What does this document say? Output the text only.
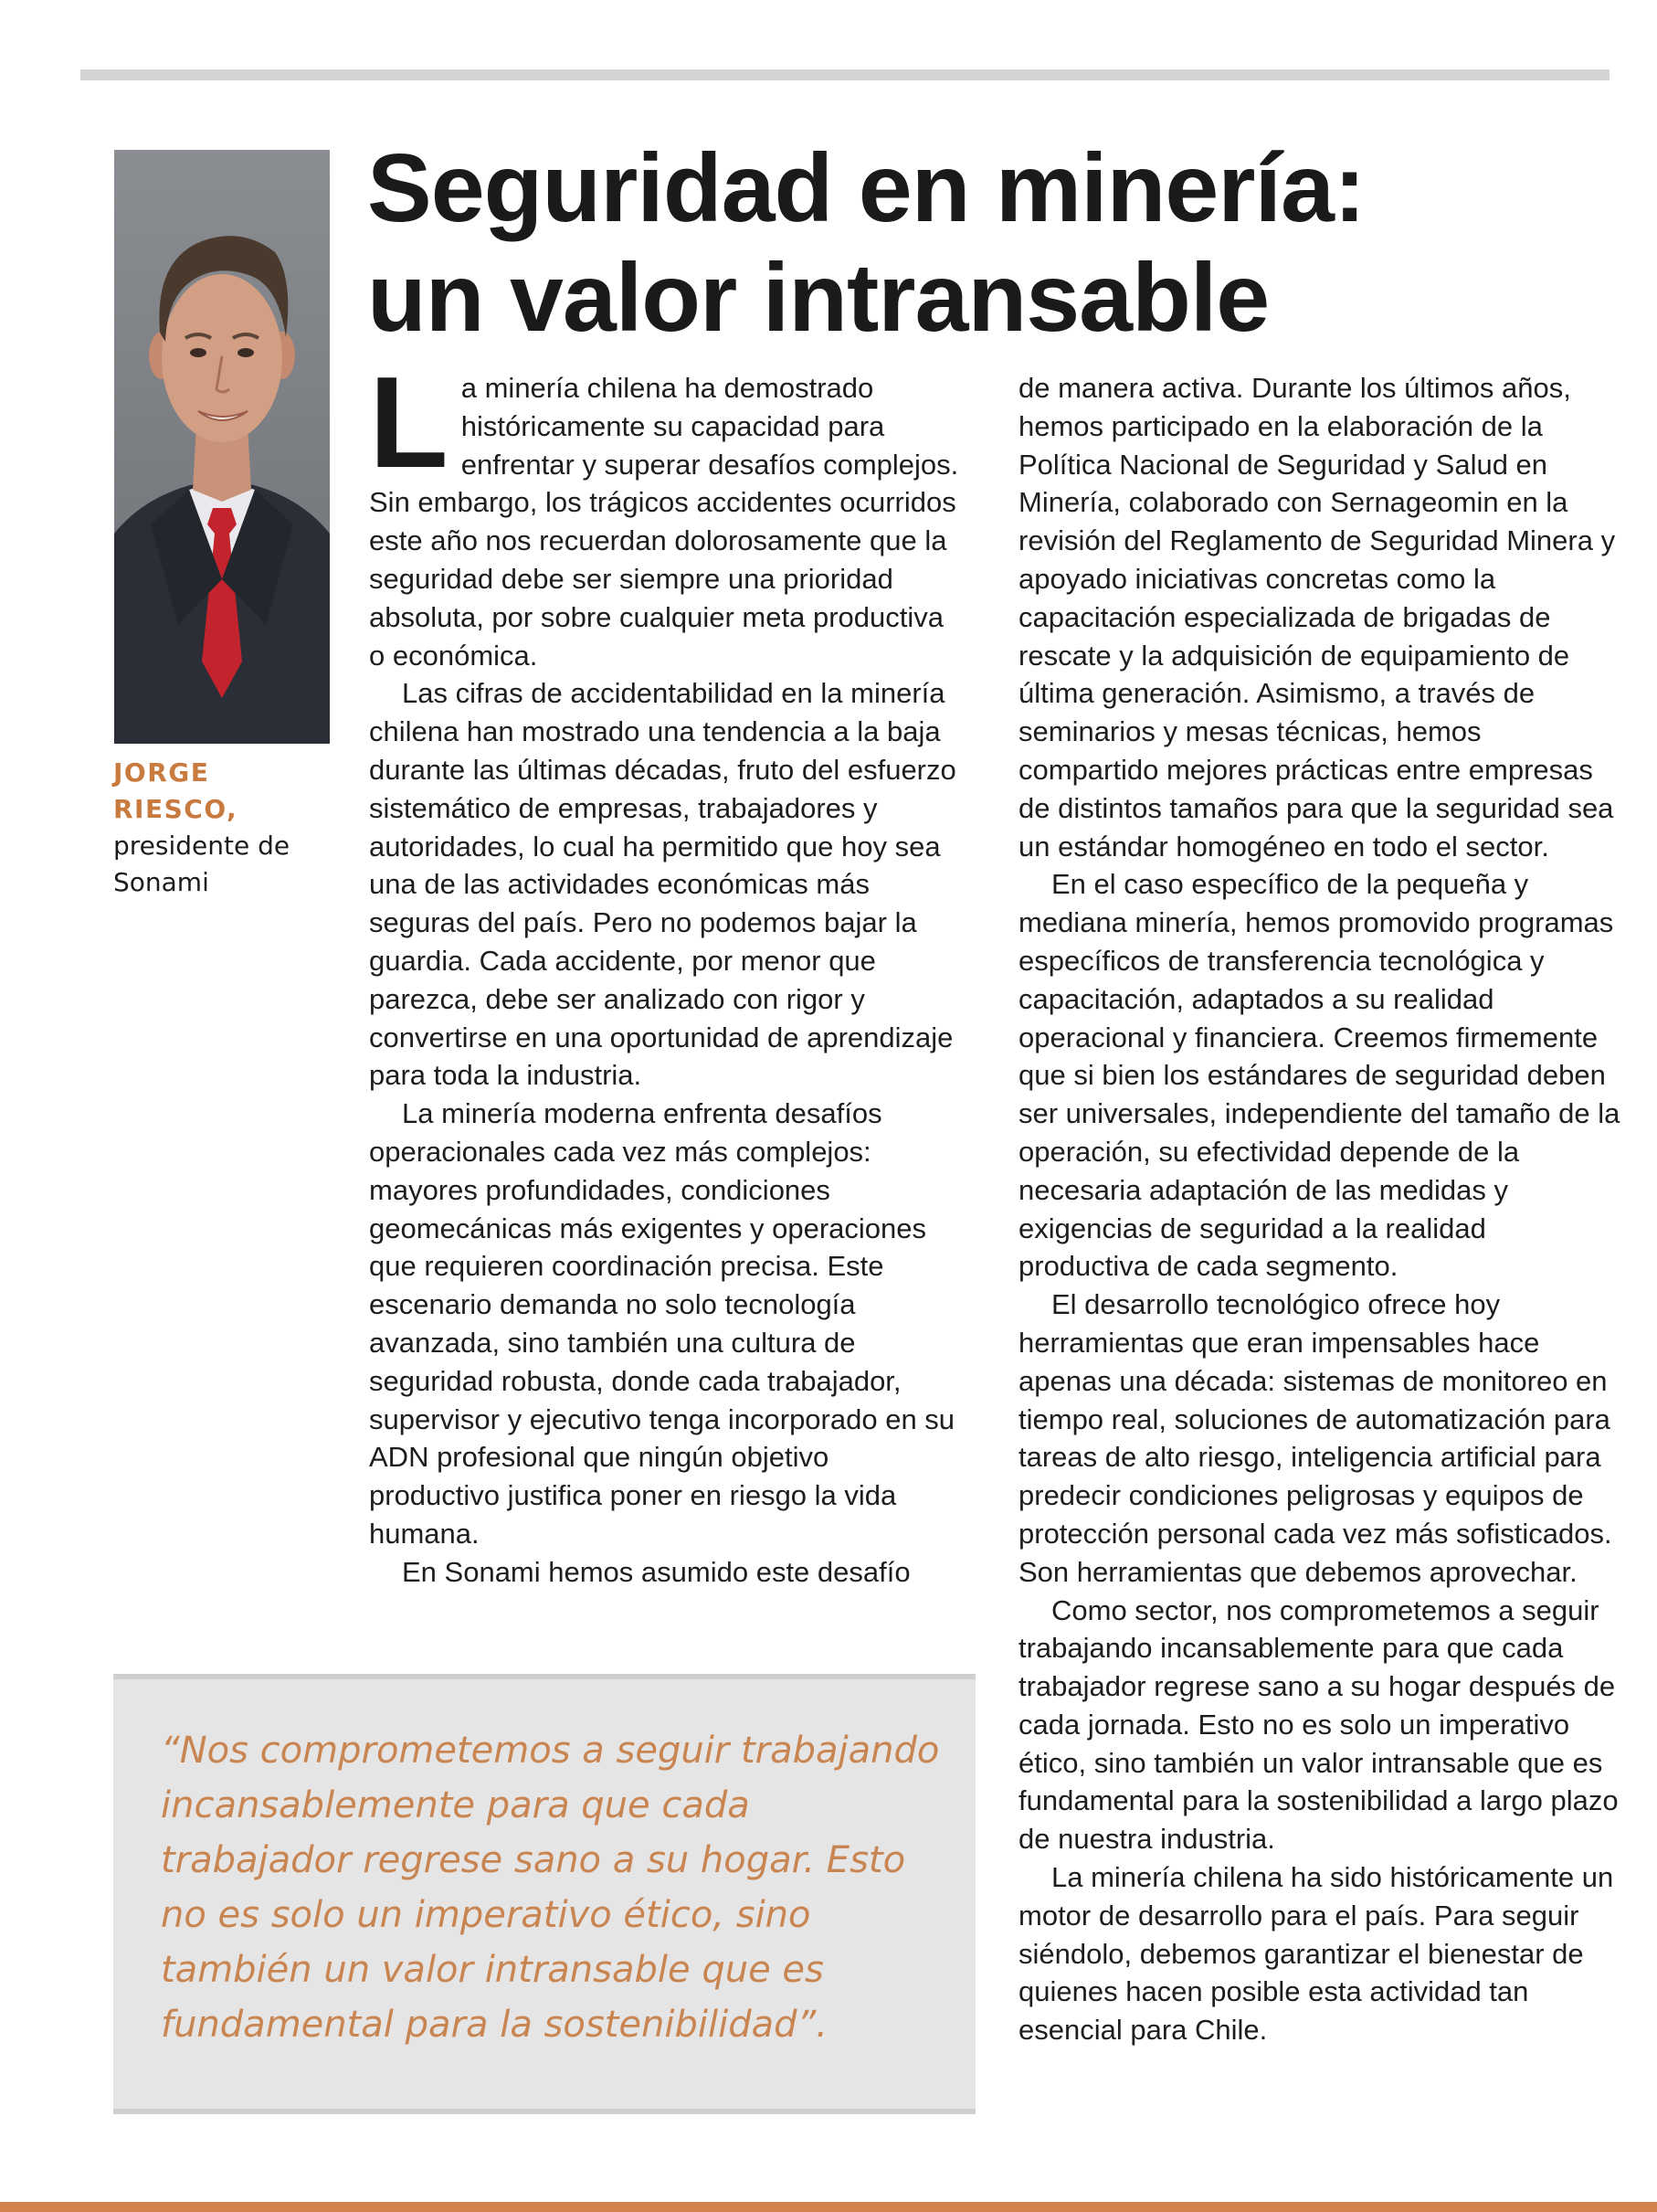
JORGE RIESCO,
presidente de Sonami
Seguridad en minería:
un valor intransable

La minería chilena ha demostrado históricamente su capacidad para enfrentar y superar desafíos complejos. Sin embargo, los trágicos accidentes ocurridos este año nos recuerdan dolorosamente que la seguridad debe ser siempre una prioridad absoluta, por sobre cualquier meta productiva o económica.

Las cifras de accidentabilidad en la minería chilena han mostrado una tendencia a la baja durante las últimas décadas, fruto del esfuerzo sistemático de empresas, trabajadores y autoridades, lo cual ha permitido que hoy sea una de las actividades económicas más seguras del país. Pero no podemos bajar la guardia. Cada accidente, por menor que parezca, debe ser analizado con rigor y convertirse en una oportunidad de aprendizaje para toda la industria.

La minería moderna enfrenta desafíos operacionales cada vez más complejos: mayores profundidades, condiciones geomecánicas más exigentes y operaciones que requieren coordinación precisa. Este escenario demanda no solo tecnología avanzada, sino también una cultura de seguridad robusta, donde cada trabajador, supervisor y ejecutivo tenga incorporado en su ADN profesional que ningún objetivo productivo justifica poner en riesgo la vida humana.

En Sonami hemos asumido este desafío

de manera activa. Durante los últimos años, hemos participado en la elaboración de la Política Nacional de Seguridad y Salud en Minería, colaborado con Sernageomin en la revisión del Reglamento de Seguridad Minera y apoyado iniciativas concretas como la capacitación especializada de brigadas de rescate y la adquisición de equipamiento de última generación. Asimismo, a través de seminarios y mesas técnicas, hemos compartido mejores prácticas entre empresas de distintos tamaños para que la seguridad sea un estándar homogéneo en todo el sector.

En el caso específico de la pequeña y mediana minería, hemos promovido programas específicos de transferencia tecnológica y capacitación, adaptados a su realidad operacional y financiera. Creemos firmemente que si bien los estándares de seguridad deben ser universales, independiente del tamaño de la operación, su efectividad depende de la necesaria adaptación de las medidas y exigencias de seguridad a la realidad productiva de cada segmento.

El desarrollo tecnológico ofrece hoy herramientas que eran impensables hace apenas una década: sistemas de monitoreo en tiempo real, soluciones de automatización para tareas de alto riesgo, inteligencia artificial para predecir condiciones peligrosas y equipos de protección personal cada vez más sofisticados. Son herramientas que debemos aprovechar.

Como sector, nos comprometemos a seguir trabajando incansablemente para que cada trabajador regrese sano a su hogar después de cada jornada. Esto no es solo un imperativo ético, sino también un valor intransable que es fundamental para la sostenibilidad a largo plazo de nuestra industria.

La minería chilena ha sido históricamente un motor de desarrollo para el país. Para seguir siéndolo, debemos garantizar el bienestar de quienes hacen posible esta actividad tan esencial para Chile.

“Nos comprometemos a seguir trabajando incansablemente para que cada trabajador regrese sano a su hogar. Esto no es solo un imperativo ético, sino también un valor intransable que es fundamental para la sostenibilidad”.
